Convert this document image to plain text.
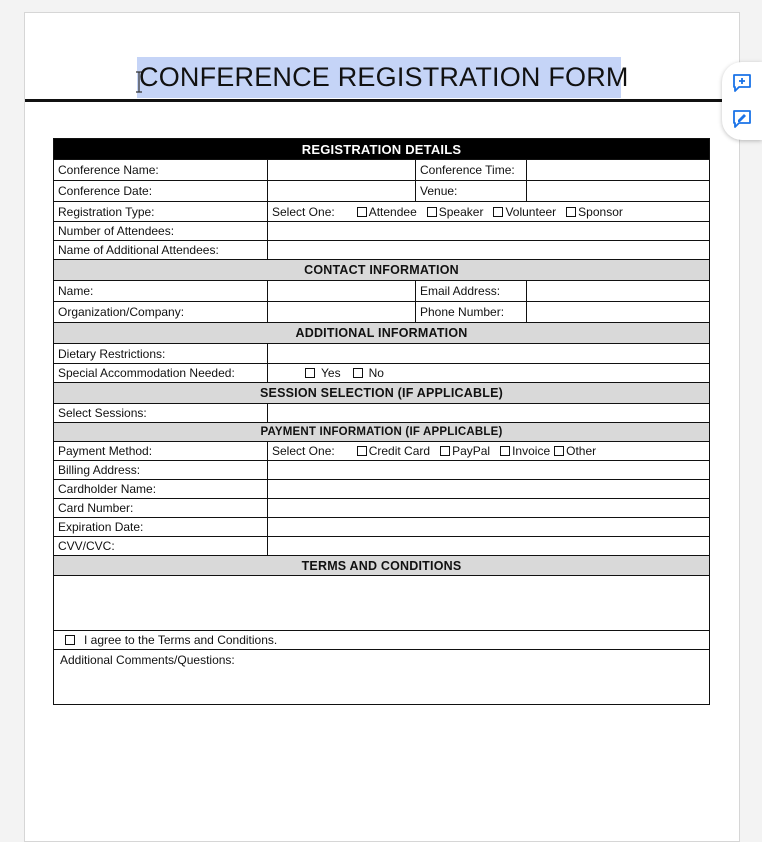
CONFERENCE REGISTRATION FORM
REGISTRATION DETAILS
Conference Name:	Conference Time:
Conference Date:	Venue:
Registration Type:	Select One:	Attendee Speaker Volunteer Sponsor
Number of Attendees:
Name of Additional Attendees:
CONTACT INFORMATION
Name:	Email Address:
Organization/Company:	Phone Number:
ADDITIONAL INFORMATION
Dietary Restrictions:
Special Accommodation Needed:	Yes No
SESSION SELECTION (IF APPLICABLE)
Select Sessions:
PAYMENT INFORMATION (IF APPLICABLE)
Payment Method:	Select One:	Credit Card PayPal Invoice Other
Billing Address:
Cardholder Name:
Card Number:
Expiration Date:
CVV/CVC:
TERMS AND CONDITIONS
I agree to the Terms and Conditions.
Additional Comments/Questions:
